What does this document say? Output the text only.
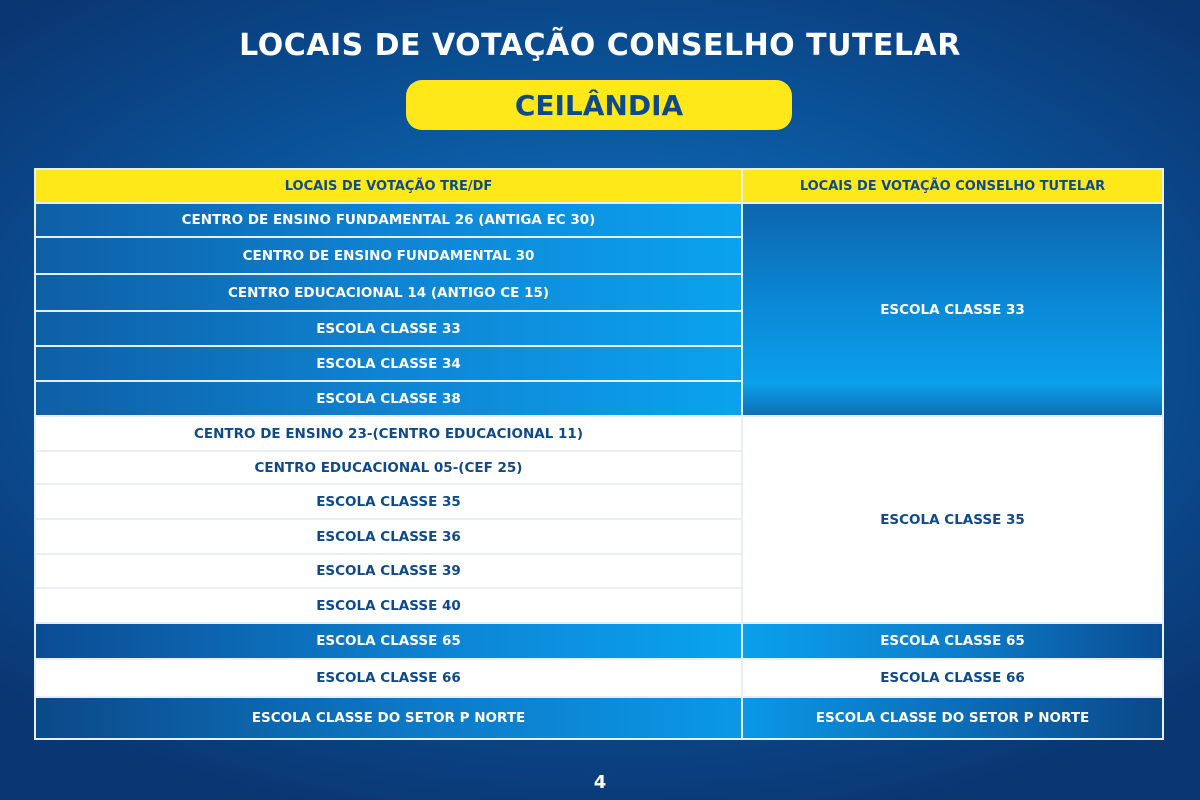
LOCAIS DE VOTAÇÃO CONSELHO TUTELAR
CEILÂNDIA
LOCAIS DE VOTAÇÃO TRE/DF	LOCAIS DE VOTAÇÃO CONSELHO TUTELAR
CENTRO DE ENSINO FUNDAMENTAL 26 (ANTIGA EC 30)	ESCOLA CLASSE 33
CENTRO DE ENSINO FUNDAMENTAL 30	
CENTRO EDUCACIONAL 14 (ANTIGO CE 15)	
ESCOLA CLASSE 33	
ESCOLA CLASSE 34	
ESCOLA CLASSE 38	
CENTRO DE ENSINO 23-(CENTRO EDUCACIONAL 11)	ESCOLA CLASSE 35
CENTRO EDUCACIONAL 05-(CEF 25)	
ESCOLA CLASSE 35	
ESCOLA CLASSE 36	
ESCOLA CLASSE 39	
ESCOLA CLASSE 40	
ESCOLA CLASSE 65	ESCOLA CLASSE 65
ESCOLA CLASSE 66	ESCOLA CLASSE 66
ESCOLA CLASSE DO SETOR P NORTE	ESCOLA CLASSE DO SETOR P NORTE
4
